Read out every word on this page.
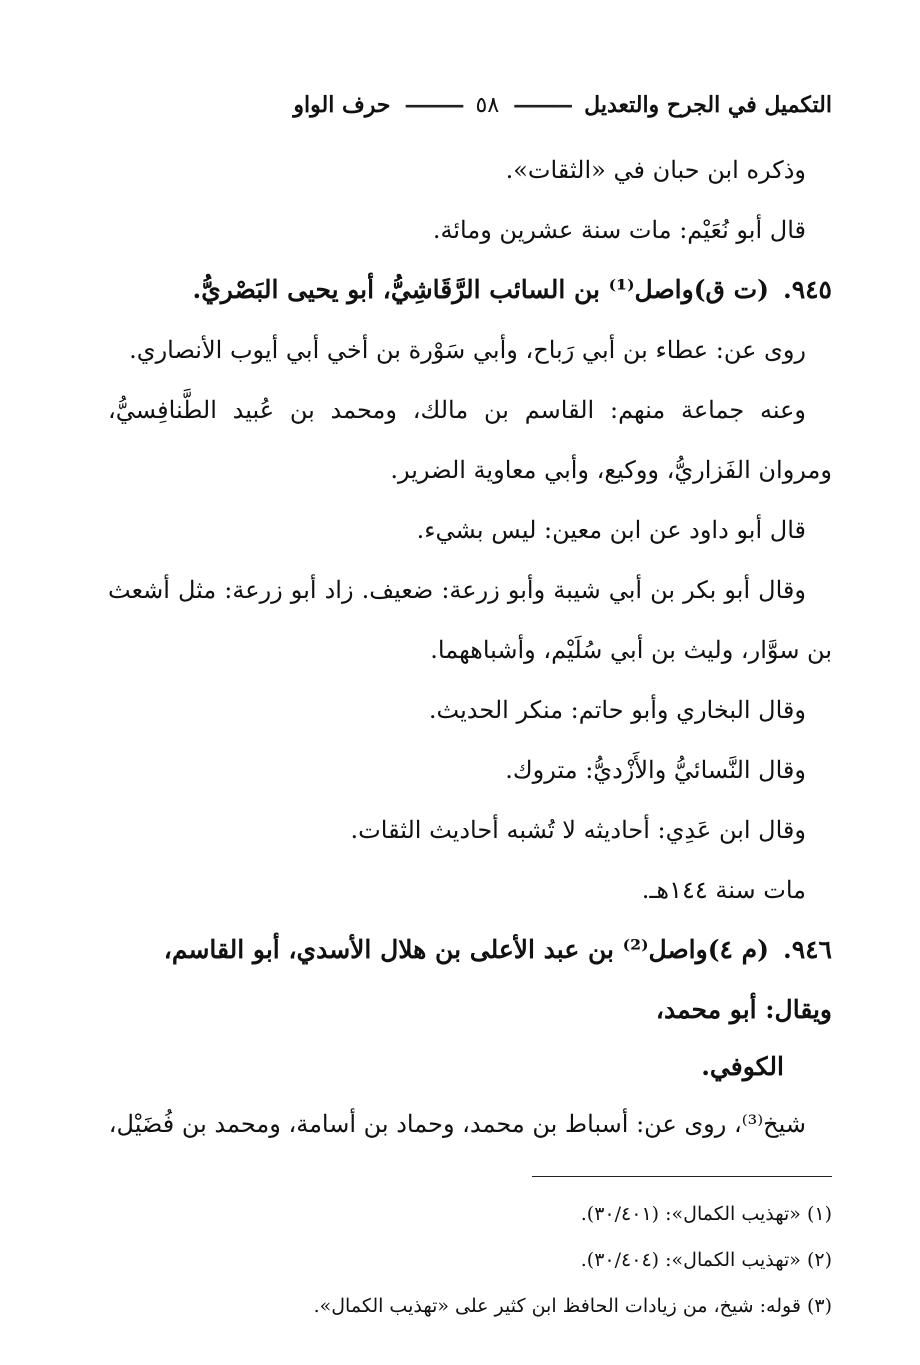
التكميل في الجرح والتعديل
———
٥٨
———
حرف الواو

وذكره ابن حبان في «الثقات».

قال أبو نُعَيْم: مات سنة عشرين ومائة.

٩٤٥.(ت ق)واصل⁽¹⁾ بن السائب الرَّقَاشِيُّ، أبو يحيى البَصْريُّ.

روى عن: عطاء بن أبي رَباح، وأبي سَوْرة بن أخي أبي أيوب الأنصاري.

وعنه جماعة منهم: القاسم بن مالك، ومحمد بن عُبيد الطَّنافِسيُّ، ومروان الفَزاريُّ، ووكيع، وأبي معاوية الضرير.

قال أبو داود عن ابن معين: ليس بشيء.

وقال أبو بكر بن أبي شيبة وأبو زرعة: ضعيف. زاد أبو زرعة: مثل أشعث بن سوَّار، وليث بن أبي سُلَيْم، وأشباههما.

وقال البخاري وأبو حاتم: منكر الحديث.

وقال النَّسائيُّ والأَزْديُّ: متروك.

وقال ابن عَدِي: أحاديثه لا تُشبه أحاديث الثقات.

مات سنة ١٤٤هـ.

٩٤٦.(م ٤)واصل⁽²⁾ بن عبد الأعلى بن هلال الأسدي، أبو القاسم، ويقال: أبو محمد،
الكوفي.

شيخ⁽³⁾، روى عن: أسباط بن محمد، وحماد بن أسامة، ومحمد بن فُضَيْل،

(١) «تهذيب الكمال»: (٣٠/٤٠١).

(٢) «تهذيب الكمال»: (٣٠/٤٠٤).

(٣) قوله: شيخ، من زيادات الحافظ ابن كثير على «تهذيب الكمال».
